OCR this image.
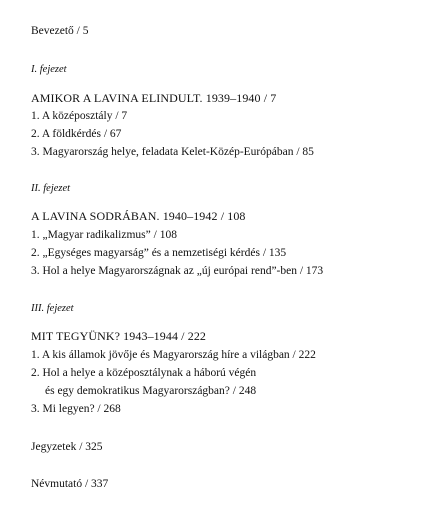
Bevezető / 5
I. fejezet
AMIKOR A LAVINA ELINDULT. 1939–1940 / 7
1. A középosztály / 7
2. A földkérdés / 67
3. Magyarország helye, feladata Kelet-Közép-Európában / 85
II. fejezet
A LAVINA SODRÁBAN. 1940–1942 / 108
1. „Magyar radikalizmus” / 108
2. „Egységes magyarság” és a nemzetiségi kérdés / 135
3. Hol a helye Magyarországnak az „új európai rend”-ben / 173
III. fejezet
MIT TEGYÜNK? 1943–1944 / 222
1. A kis államok jövője és Magyarország híre a világban / 222
2. Hol a helye a középosztálynak a háború végén
és egy demokratikus Magyarországban? / 248
3. Mi legyen? / 268
Jegyzetek / 325
Névmutató / 337
